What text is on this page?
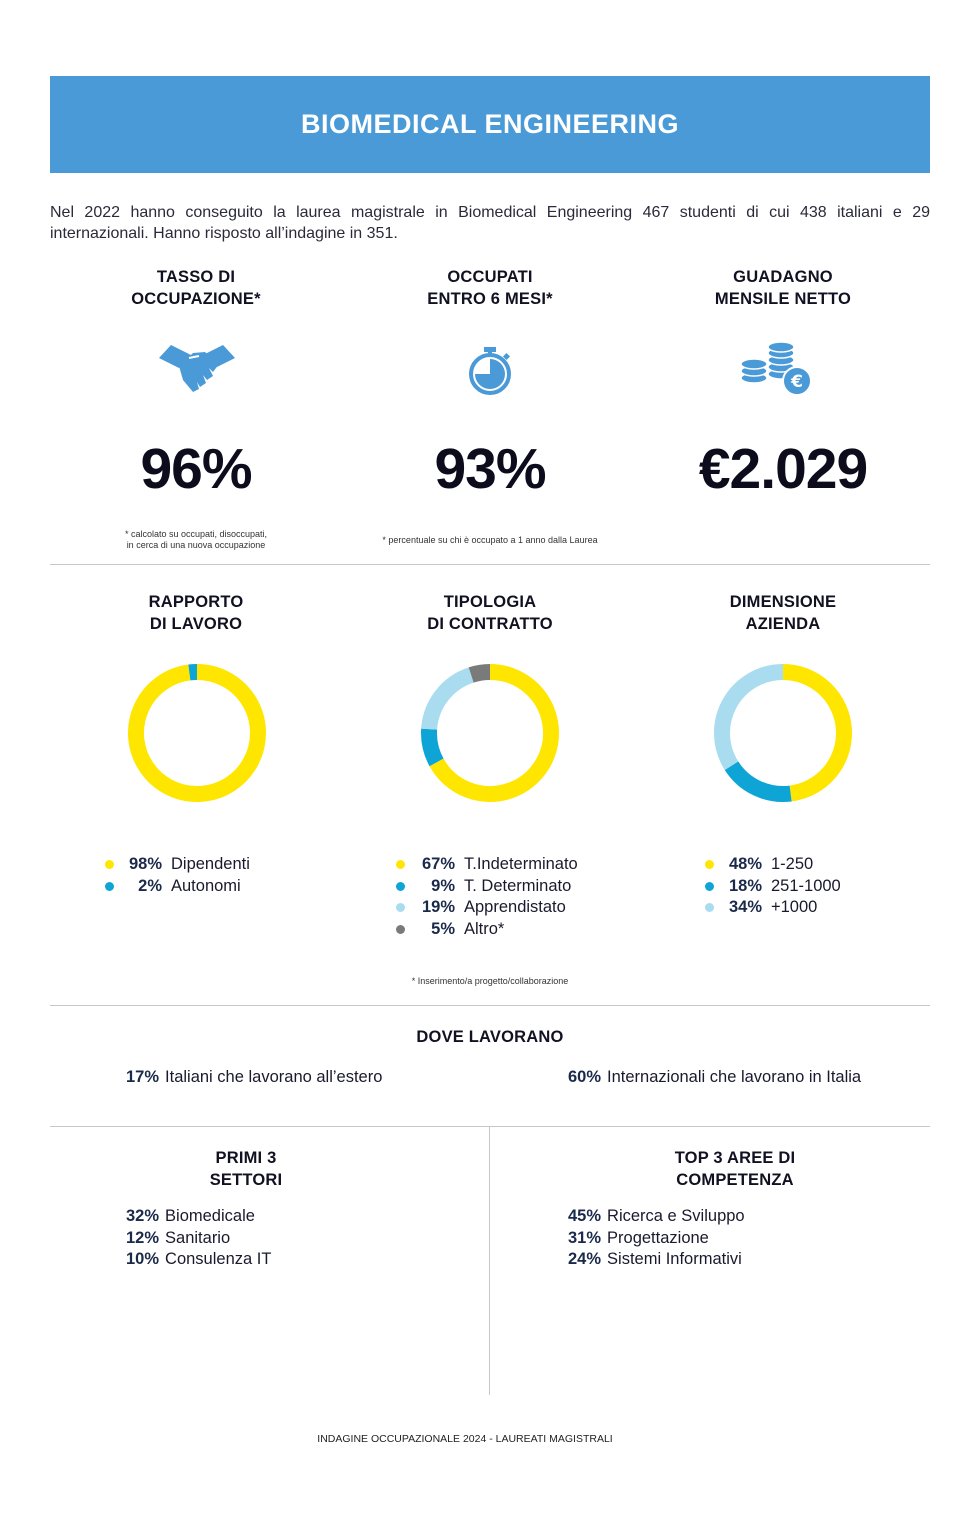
BIOMEDICAL ENGINEERING

Nel 2022 hanno conseguito la laurea magistrale in Biomedical Engineering 467 studenti di cui 438 italiani e 29 internazionali. Hanno risposto all’indagine in 351.

TASSO DI
OCCUPAZIONE*

96%

* calcolato su occupati, disoccupati,
in cerca di una nuova occupazione
OCCUPATI
ENTRO 6 MESI*

93%

* percentuale su chi è occupato a 1 anno dalla Laurea
GUADAGNO
MENSILE NETTO
€

€2.029

RAPPORTO
DI LAVORO
TIPOLOGIA
DI CONTRATTO
DIMENSIONE
AZIENDA
98% Dipendenti
2% Autonomi
67% T.Indeterminato
9% T. Determinato
19% Apprendistato
5% Altro*
48% 1-250
18% 251-1000
34% +1000
* Inserimento/a progetto/collaborazione
DOVE LAVORANO
17% Italiani che lavorano all’estero	60% Internazionali che lavorano in Italia
PRIMI 3
SETTORI
32% Biomedicale
12% Sanitario
10% Consulenza IT
TOP 3 AREE DI
COMPETENZA
45% Ricerca e Sviluppo
31% Progettazione
24% Sistemi Informativi

INDAGINE OCCUPAZIONALE 2024 - LAUREATI MAGISTRALI
